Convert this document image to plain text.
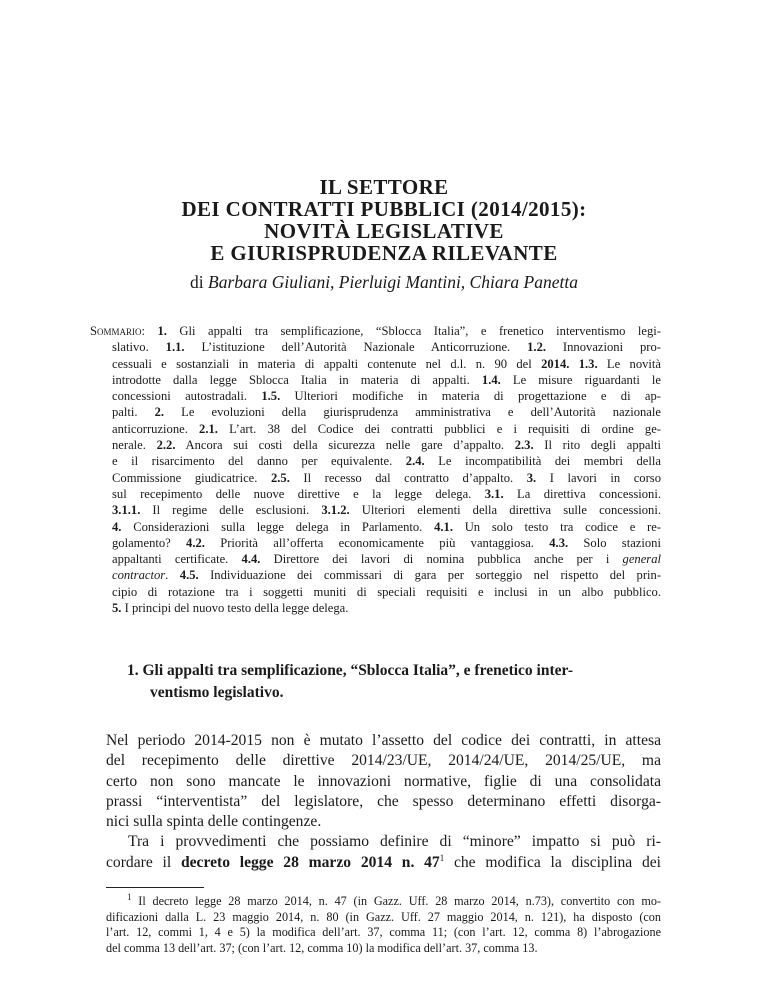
IL SETTORE
DEI CONTRATTI PUBBLICI (2014/2015):
NOVITÀ LEGISLATIVE
E GIURISPRUDENZA RILEVANTE
di Barbara Giuliani, Pierluigi Mantini, Chiara Panetta
Sommario: 1. Gli appalti tra semplificazione, “Sblocca Italia”, e frenetico interventismo legi-
slativo. 1.1. L’istituzione dell’Autorità Nazionale Anticorruzione. 1.2. Innovazioni pro-
cessuali e sostanziali in materia di appalti contenute nel d.l. n. 90 del 2014. 1.3. Le novità
introdotte dalla legge Sblocca Italia in materia di appalti. 1.4. Le misure riguardanti le
concessioni autostradali. 1.5. Ulteriori modifiche in materia di progettazione e di ap-
palti. 2. Le evoluzioni della giurisprudenza amministrativa e dell’Autorità nazionale
anticorruzione. 2.1. L’art. 38 del Codice dei contratti pubblici e i requisiti di ordine ge-
nerale. 2.2. Ancora sui costi della sicurezza nelle gare d’appalto. 2.3. Il rito degli appalti
e il risarcimento del danno per equivalente. 2.4. Le incompatibilità dei membri della
Commissione giudicatrice. 2.5. Il recesso dal contratto d’appalto. 3. I lavori in corso
sul recepimento delle nuove direttive e la legge delega. 3.1. La direttiva concessioni.
3.1.1. Il regime delle esclusioni. 3.1.2. Ulteriori elementi della direttiva sulle concessioni.
4. Considerazioni sulla legge delega in Parlamento. 4.1. Un solo testo tra codice e re-
golamento? 4.2. Priorità all’offerta economicamente più vantaggiosa. 4.3. Solo stazioni
appaltanti certificate. 4.4. Direttore dei lavori di nomina pubblica anche per i general
contractor. 4.5. Individuazione dei commissari di gara per sorteggio nel rispetto del prin-
cipio di rotazione tra i soggetti muniti di speciali requisiti e inclusi in un albo pubblico.
5. I principi del nuovo testo della legge delega.
1. Gli appalti tra semplificazione, “Sblocca Italia”, e frenetico inter-
ventismo legislativo.
Nel periodo 2014-2015 non è mutato l’assetto del codice dei contratti, in attesa
del recepimento delle direttive 2014/23/UE, 2014/24/UE, 2014/25/UE, ma
certo non sono mancate le innovazioni normative, figlie di una consolidata
prassi “interventista” del legislatore, che spesso determinano effetti disorga-
nici sulla spinta delle contingenze.
Tra i provvedimenti che possiamo definire di “minore” impatto si può ri-
cordare il decreto legge 28 marzo 2014 n. $47^1$ che modifica la disciplina dei
$^1$ Il decreto legge 28 marzo 2014, n. 47 (in Gazz. Uff. 28 marzo 2014, n.73), convertito con mo-
dificazioni dalla L. 23 maggio 2014, n. 80 (in Gazz. Uff. 27 maggio 2014, n. 121), ha disposto (con
l’art. 12, commi 1, 4 e 5) la modifica dell’art. 37, comma 11; (con l’art. 12, comma 8) l’abrogazione
del comma 13 dell’art. 37; (con l’art. 12, comma 10) la modifica dell’art. 37, comma 13.
